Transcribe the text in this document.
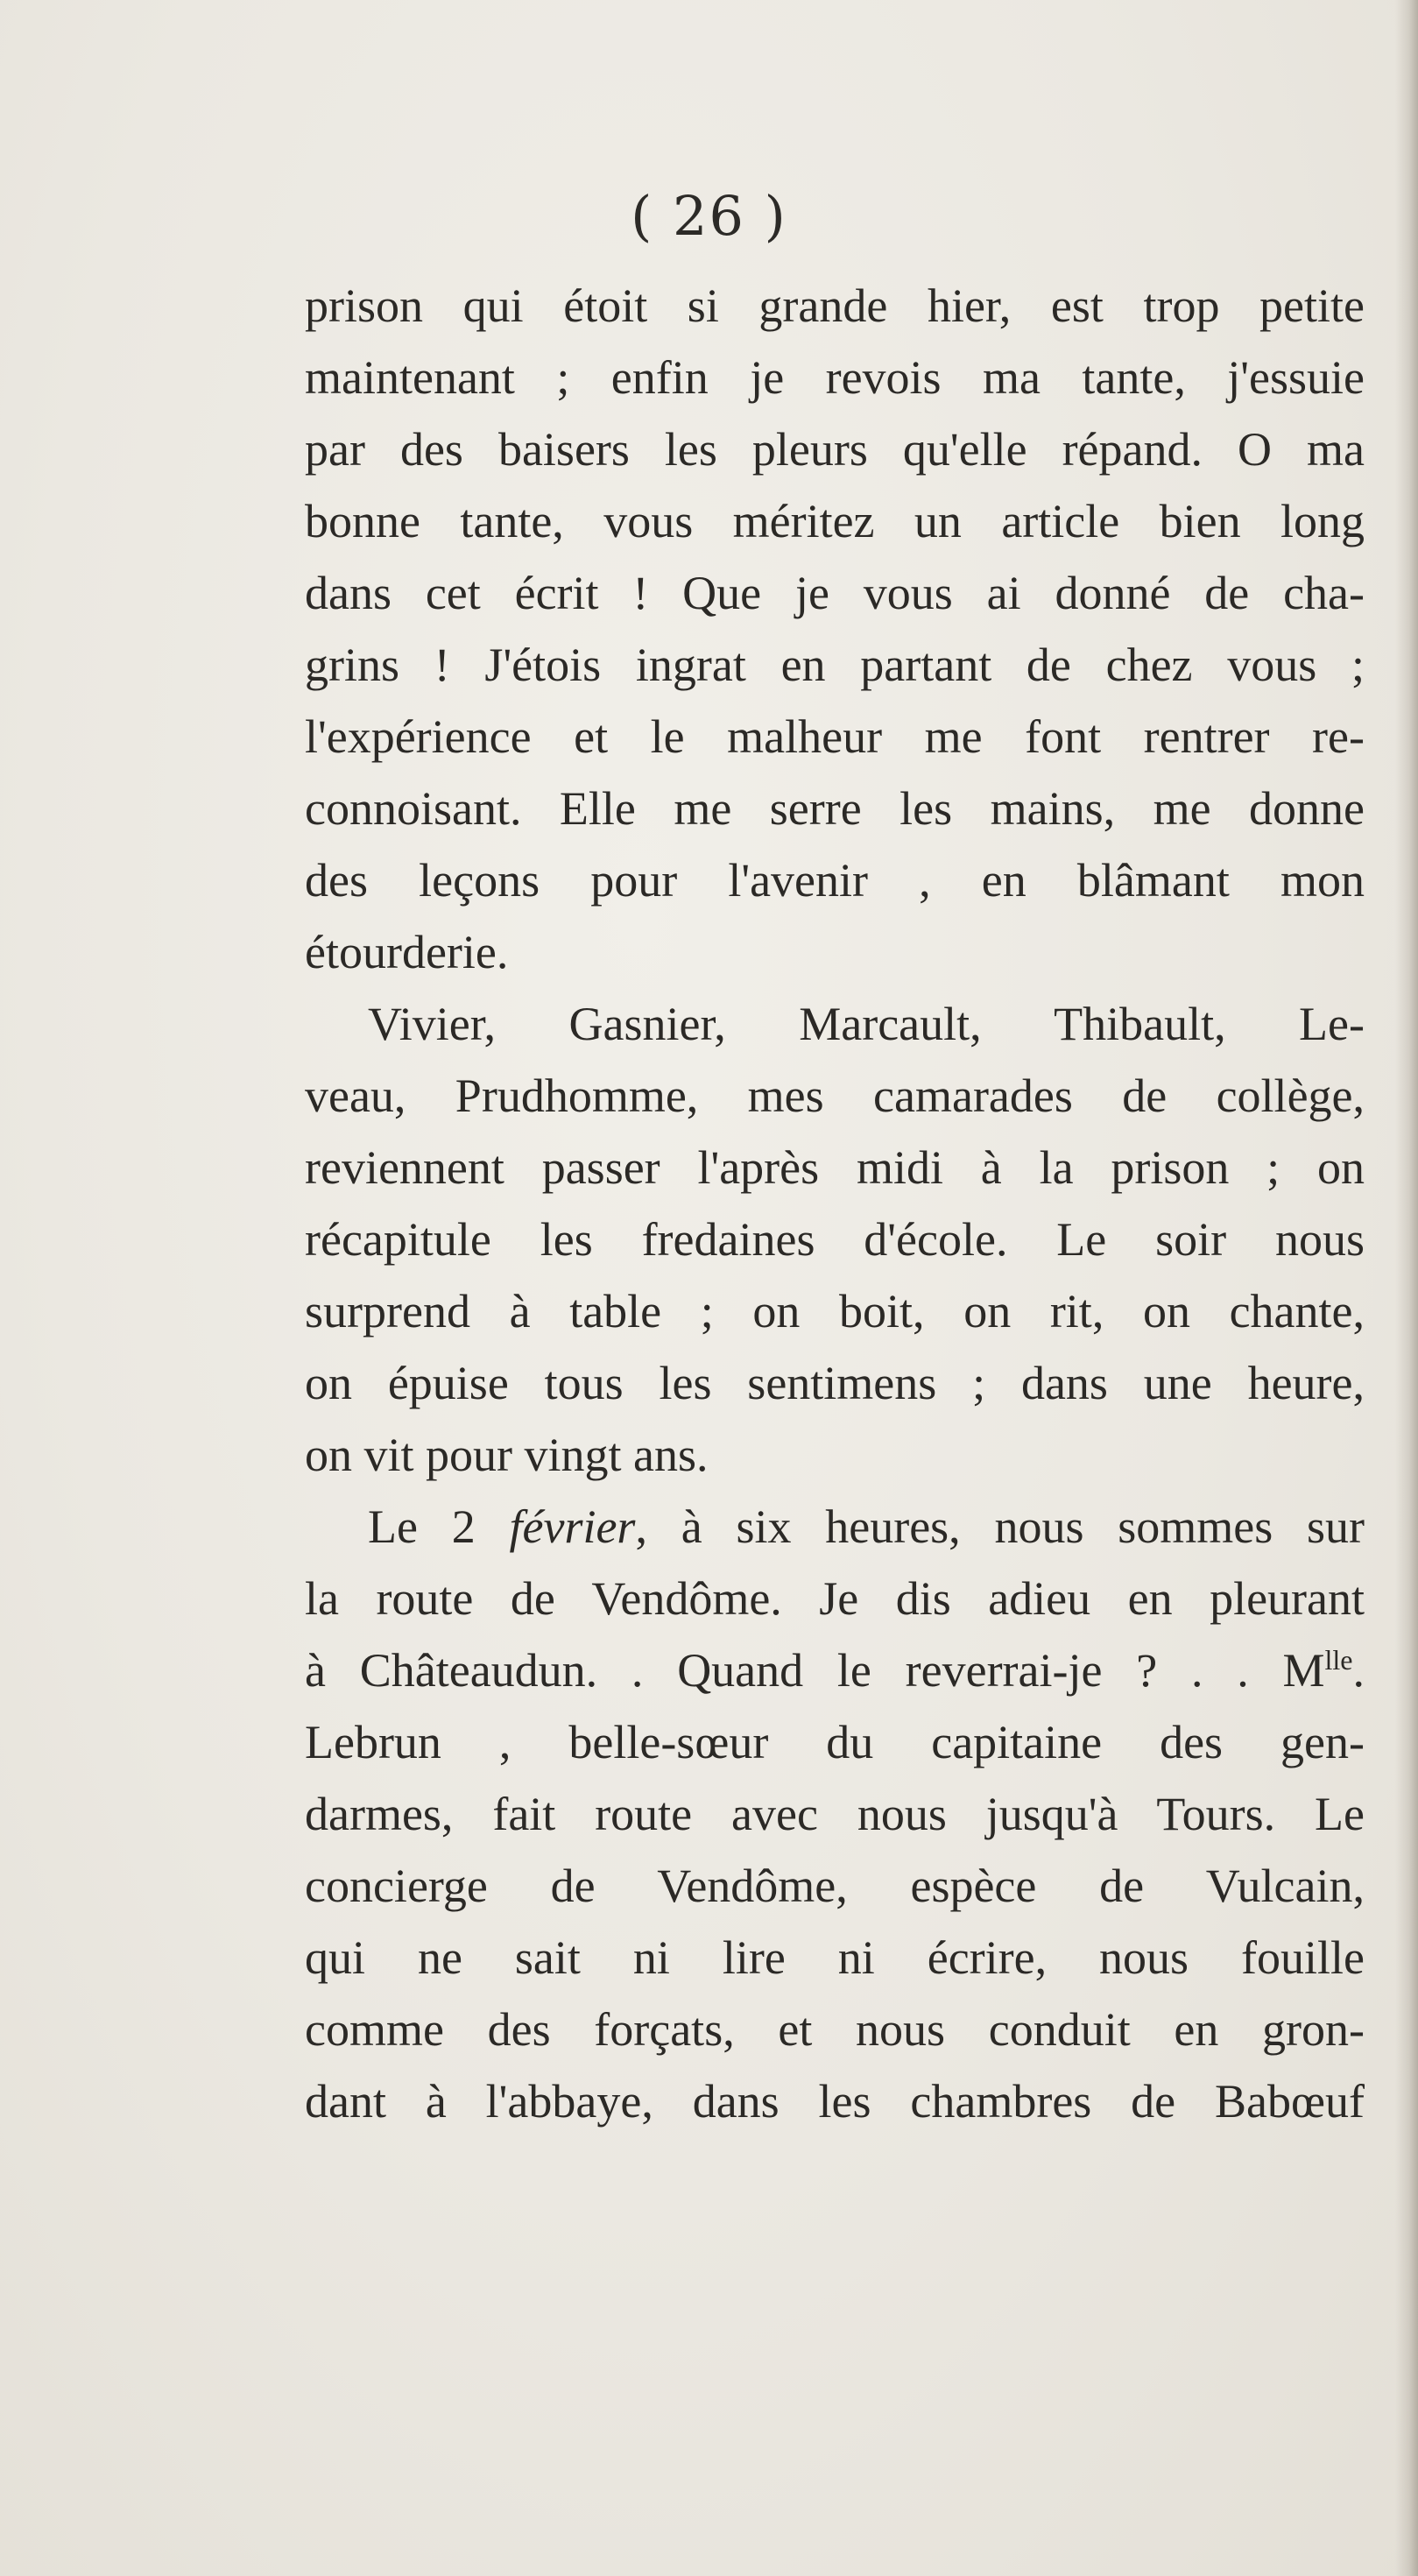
( 26 )
prison qui étoit si grande hier, est trop petite
maintenant ; enfin je revois ma tante, j'essuie
par des baisers les pleurs qu'elle répand. O ma
bonne tante, vous méritez un article bien long
dans cet écrit ! Que je vous ai donné de cha-
grins ! J'étois ingrat en partant de chez vous ;
l'expérience et le malheur me font rentrer re-
connoisant. Elle me serre les mains, me donne
des leçons pour l'avenir , en blâmant mon
étourderie.
Vivier, Gasnier, Marcault, Thibault, Le-
veau, Prudhomme, mes camarades de collège,
reviennent passer l'après midi à la prison ; on
récapitule les fredaines d'école. Le soir nous
surprend à table ; on boit, on rit, on chante,
on épuise tous les sentimens ; dans une heure,
on vit pour vingt ans.
Le 2 février, à six heures, nous sommes sur
la route de Vendôme. Je dis adieu en pleurant
à Châteaudun. . Quand le reverrai-je ? . . $M^{lle}$.
Lebrun , belle-sœur du capitaine des gen-
darmes, fait route avec nous jusqu'à Tours. Le
concierge de Vendôme, espèce de Vulcain,
qui ne sait ni lire ni écrire, nous fouille
comme des forçats, et nous conduit en gron-
dant à l'abbaye, dans les chambres de Babœuf
